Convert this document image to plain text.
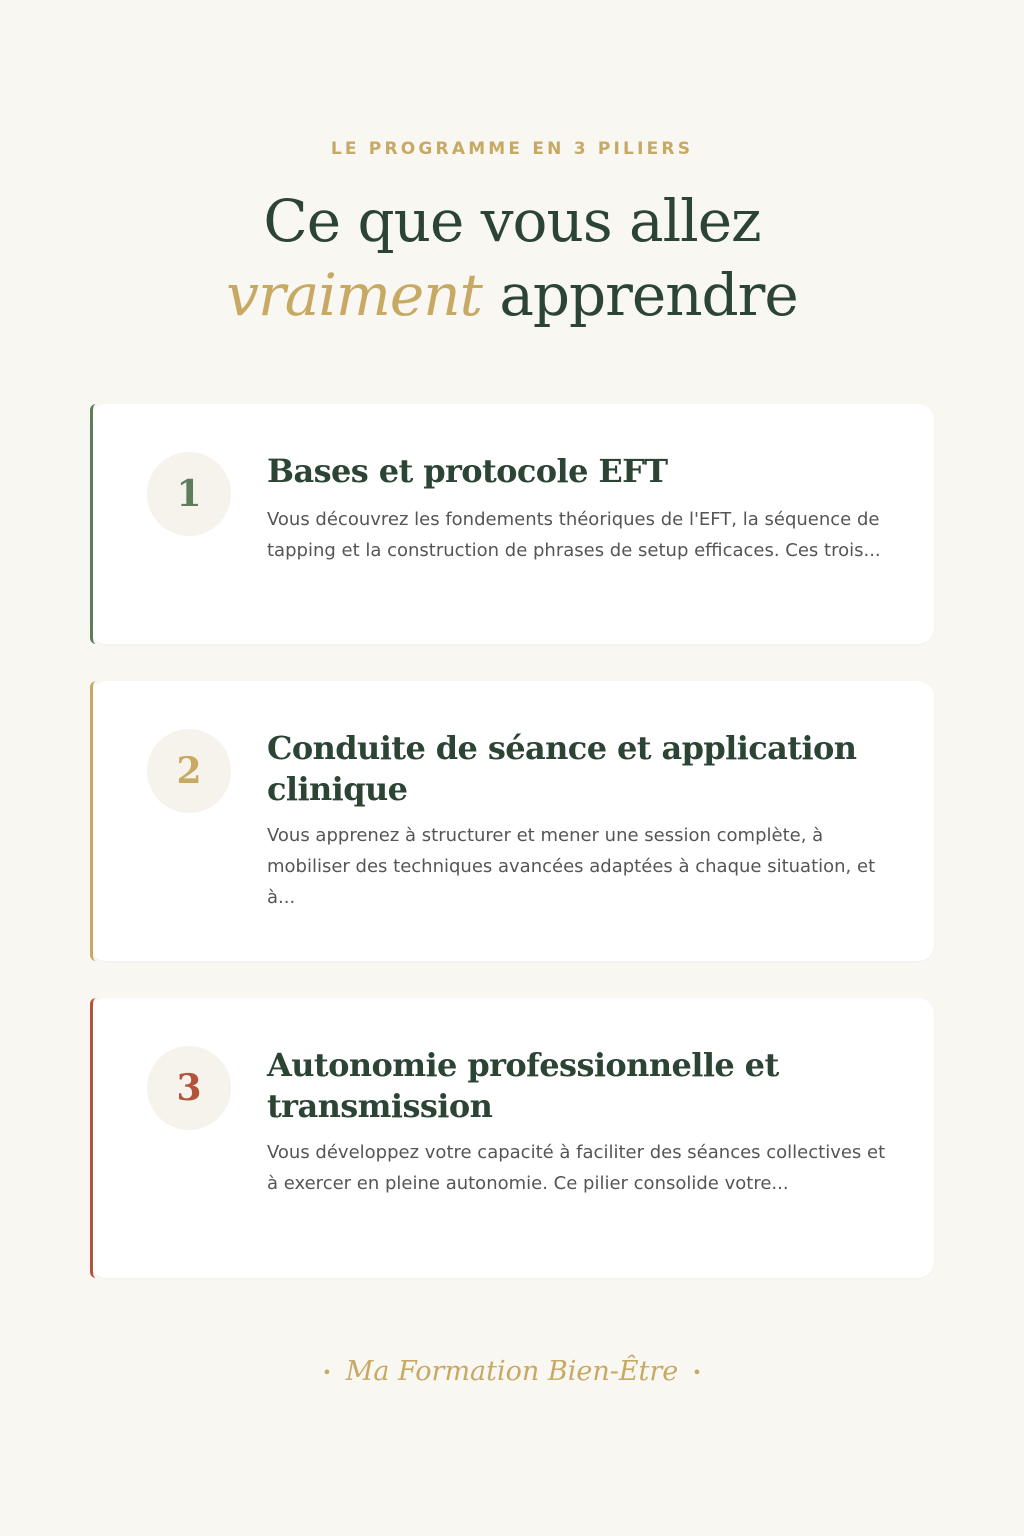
LE PROGRAMME EN 3 PILIERS
Ce que vous allez
vraiment apprendre
1
Bases et protocole EFT

Vous découvrez les fondements théoriques de l'EFT, la séquence de tapping et la construction de phrases de setup efficaces. Ces trois...

2
Conduite de séance et application clinique

Vous apprenez à structurer et mener une session complète, à mobiliser des techniques avancées adaptées à chaque situation, et à...

3
Autonomie professionnelle et transmission

Vous développez votre capacité à faciliter des séances collectives et à exercer en pleine autonomie. Ce pilier consolide votre...

• Ma Formation Bien-Être •
